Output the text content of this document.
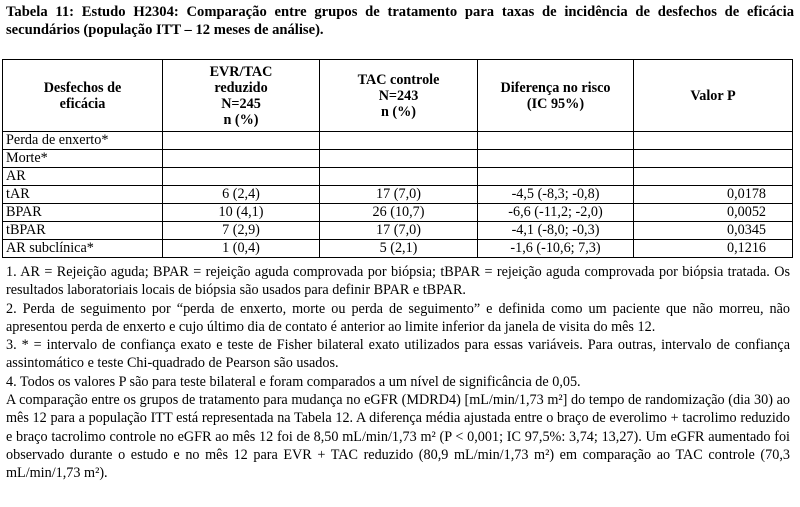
Tabela 11: Estudo H2304: Comparação entre grupos de tratamento para taxas de incidência de desfechos de eficácia secundários (população ITT – 12 meses de análise).
Desfechos de
eficácia	EVR/TAC
reduzido
N=245
n (%)	TAC controle
N=243
n (%)	Diferença no risco
(IC 95%)	Valor P

Perda de enxerto*				
Morte*				
AR				
tAR	6 (2,4)	17 (7,0)	-4,5 (-8,3; -0,8)	0,0178
BPAR	10 (4,1)	26 (10,7)	-6,6 (-11,2; -2,0)	0,0052
tBPAR	7 (2,9)	17 (7,0)	-4,1 (-8,0; -0,3)	0,0345
AR subclínica*	1 (0,4)	5 (2,1)	-1,6 (-10,6; 7,3)	0,1216

1. AR = Rejeição aguda; BPAR = rejeição aguda comprovada por biópsia; tBPAR = rejeição aguda comprovada por biópsia tratada. Os resultados laboratoriais locais de biópsia são usados para definir BPAR e tBPAR.

2. Perda de seguimento por “perda de enxerto, morte ou perda de seguimento” e definida como um paciente que não morreu, não apresentou perda de enxerto e cujo último dia de contato é anterior ao limite inferior da janela de visita do mês 12.

3. * = intervalo de confiança exato e teste de Fisher bilateral exato utilizados para essas variáveis. Para outras, intervalo de confiança assintomático e teste Chi-quadrado de Pearson são usados.

4. Todos os valores P são para teste bilateral e foram comparados a um nível de significância de 0,05.

A comparação entre os grupos de tratamento para mudança no eGFR (MDRD4) [mL/min/1,73 m²] do tempo de randomização (dia 30) ao mês 12 para a população ITT está representada na Tabela 12. A diferença média ajustada entre o braço de everolimo + tacrolimo reduzido e braço tacrolimo controle no eGFR ao mês 12 foi de 8,50 mL/min/1,73 m² (P < 0,001; IC 97,5%: 3,74; 13,27). Um eGFR aumentado foi observado durante o estudo e no mês 12 para EVR + TAC reduzido (80,9 mL/min/1,73 m²) em comparação ao TAC controle (70,3 mL/min/1,73 m²).
